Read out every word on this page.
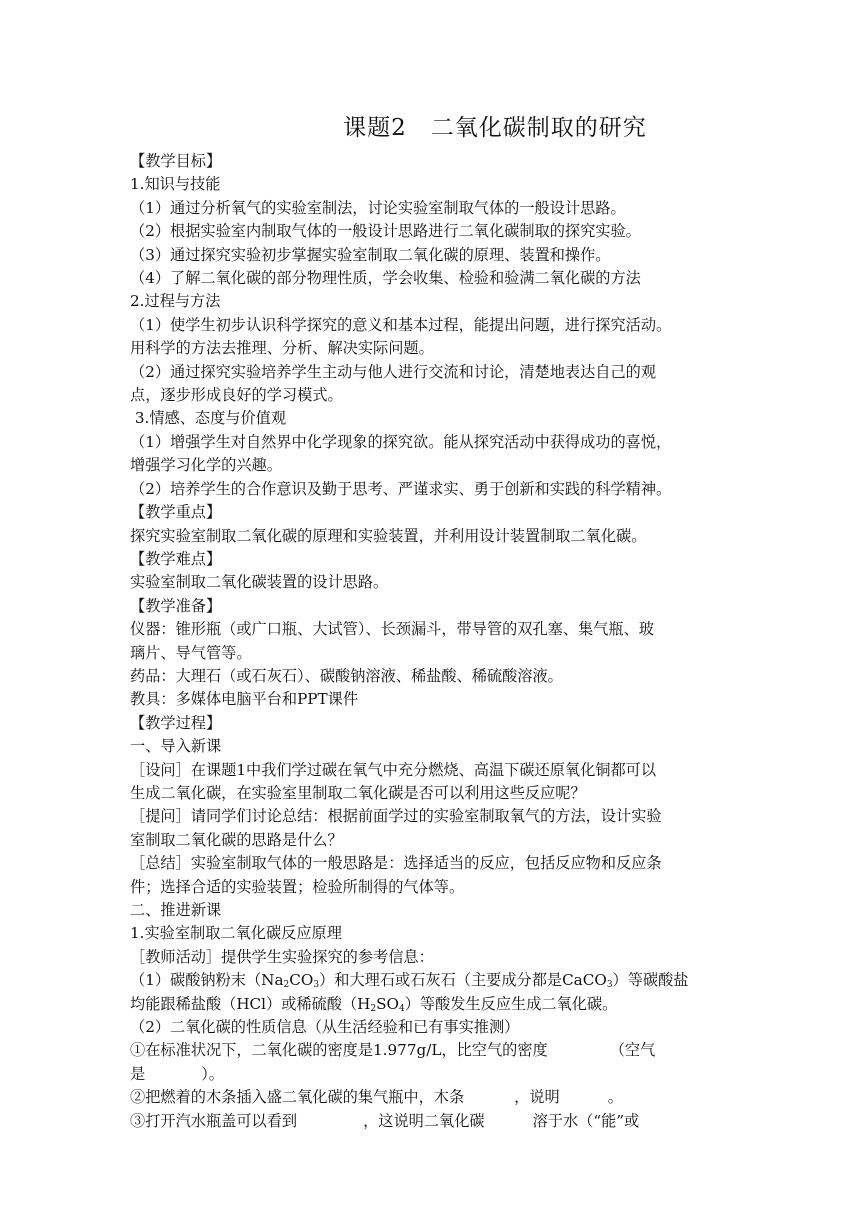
课题2　二氧化碳制取的研究
【教学目标】
1.知识与技能
（1）通过分析氧气的实验室制法，讨论实验室制取气体的一般设计思路。
（2）根据实验室内制取气体的一般设计思路进行二氧化碳制取的探究实验。
（3）通过探究实验初步掌握实验室制取二氧化碳的原理、装置和操作。
（4）了解二氧化碳的部分物理性质，学会收集、检验和验满二氧化碳的方法
2.过程与方法
（1）使学生初步认识科学探究的意义和基本过程，能提出问题，进行探究活动。
用科学的方法去推理、分析、解决实际问题。
（2）通过探究实验培养学生主动与他人进行交流和讨论，清楚地表达自己的观
点，逐步形成良好的学习模式。
3.情感、态度与价值观
（1）增强学生对自然界中化学现象的探究欲。能从探究活动中获得成功的喜悦，
增强学习化学的兴趣。
（2）培养学生的合作意识及勤于思考、严谨求实、勇于创新和实践的科学精神。
【教学重点】
探究实验室制取二氧化碳的原理和实验装置，并利用设计装置制取二氧化碳。
【教学难点】
实验室制取二氧化碳装置的设计思路。
【教学准备】
仪器：锥形瓶（或广口瓶、大试管）、长颈漏斗，带导管的双孔塞、集气瓶、玻
璃片、导气管等。
药品：大理石（或石灰石）、碳酸钠溶液、稀盐酸、稀硫酸溶液。
教具：多媒体电脑平台和PPT课件
【教学过程】
一、导入新课
［设问］在课题1中我们学过碳在氧气中充分燃烧、高温下碳还原氧化铜都可以
生成二氧化碳，在实验室里制取二氧化碳是否可以利用这些反应呢？
［提问］请同学们讨论总结：根据前面学过的实验室制取氧气的方法，设计实验
室制取二氧化碳的思路是什么？
［总结］实验室制取气体的一般思路是：选择适当的反应，包括反应物和反应条
件；选择合适的实验装置；检验所制得的气体等。
二、推进新课
1.实验室制取二氧化碳反应原理
［教师活动］提供学生实验探究的参考信息：
（1）碳酸钠粉末$(Na_2CO_3)$和大理石或石灰石（主要成分都是CaCO$_3$）等碳酸盐
均能跟稀盐酸（HCl）或稀硫酸$(H_2SO_4)$等酸发生反应生成二氧化碳。
（2）二氧化碳的性质信息（从生活经验和已有事实推测）
①在标准状况下，二氧化碳的密度是1.977g/L，比空气的密度	（空气
是	）。
②把燃着的木条插入盛二氧化碳的集气瓶中，木条	，说明	。
③打开汽水瓶盖可以看到	，这说明二氧化碳	溶于水（“能”或
